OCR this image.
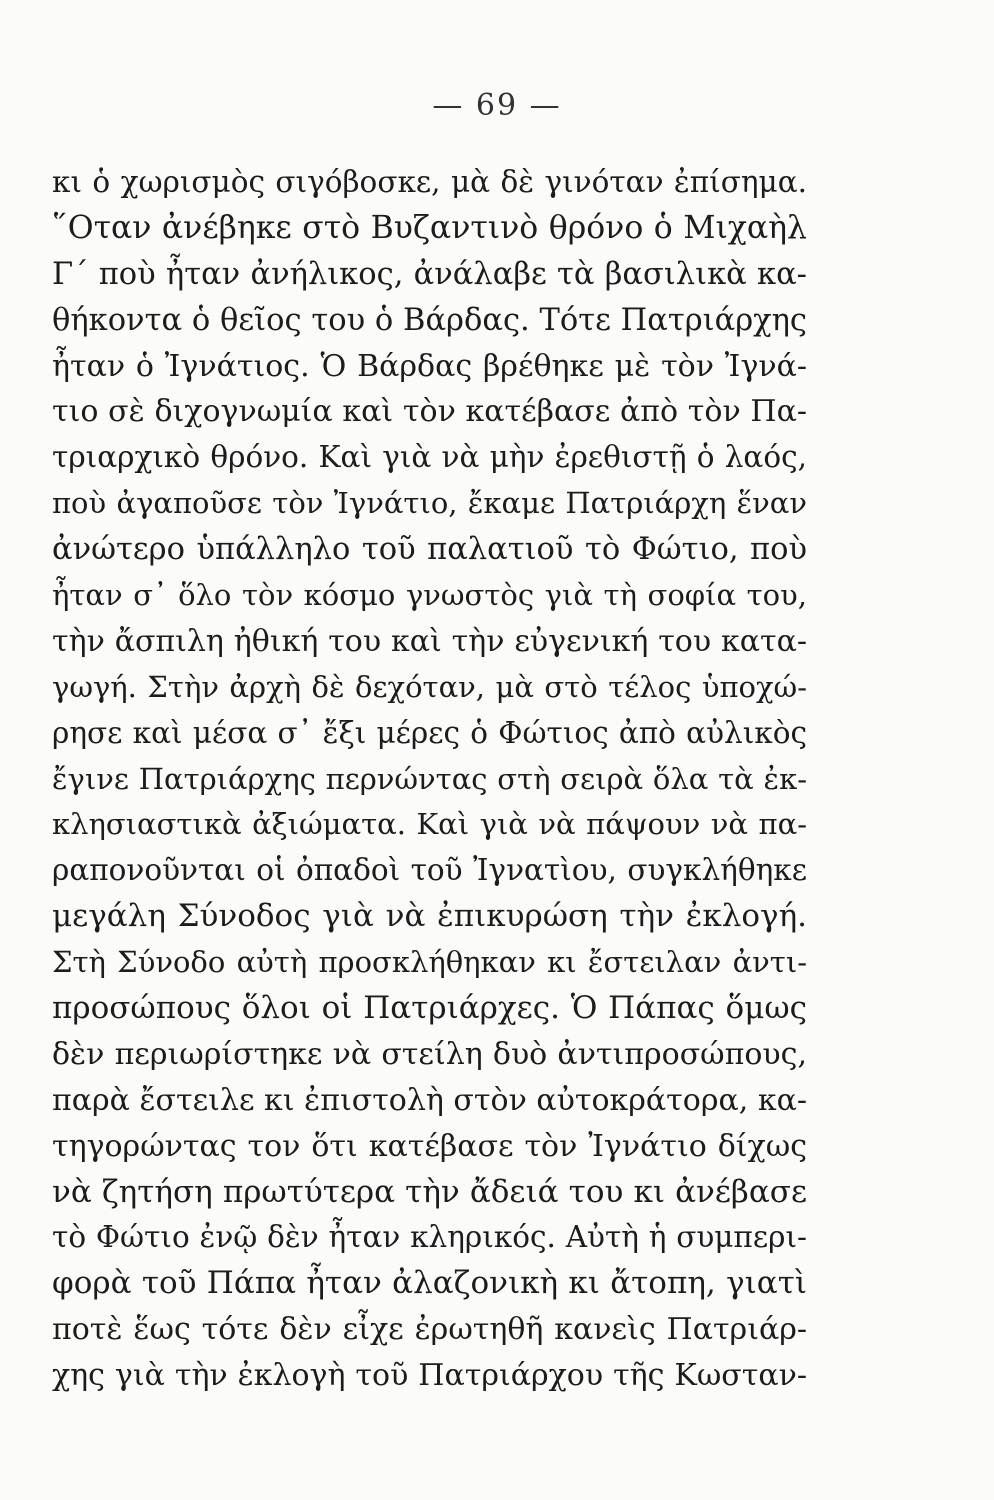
— 69 —
κι ὁ χωρισμὸς σιγόβοσκε, μὰ δὲ γινόταν ἐπίσημα.
῞Οταν ἀνέβηκε στὸ Βυζαντινὸ θρόνο ὁ Μιχαὴλ
Γ΄ ποὺ ἦταν ἀνήλικος, ἀνάλαβε τὰ βασιλικὰ κα-
θήκοντα ὁ θεῖος του ὁ Βάρδας. Τότε Πατριάρχης
ἦταν ὁ Ἰγνάτιος. Ὁ Βάρδας βρέθηκε μὲ τὸν Ἰγνά-
τιο σὲ διχογνωμία καὶ τὸν κατέβασε ἀπὸ τὸν Πα-
τριαρχικὸ θρόνο. Καὶ γιὰ νὰ μὴν ἐρεθιστῇ ὁ λαός,
ποὺ ἀγαποῦσε τὸν Ἰγνάτιο, ἔκαμε Πατριάρχη ἕναν
ἀνώτερο ὑπάλληλο τοῦ παλατιοῦ τὸ Φώτιο, ποὺ
ἦταν σ᾿ ὅλο τὸν κόσμο γνωστὸς γιὰ τὴ σοφία του,
τὴν ἄσπιλη ἠθική του καὶ τὴν εὐγενική του κατα-
γωγή. Στὴν ἀρχὴ δὲ δεχόταν, μὰ στὸ τέλος ὑποχώ-
ρησε καὶ μέσα σ᾿ ἔξι μέρες ὁ Φώτιος ἀπὸ αὐλικὸς
ἔγινε Πατριάρχης περνώντας στὴ σειρὰ ὅλα τὰ ἐκ-
κλησιαστικὰ ἀξιώματα. Καὶ γιὰ νὰ πάψουν νὰ πα-
ραπονοῦνται οἱ ὀπαδοὶ τοῦ Ἰγνατὶου, συγκλήθηκε
μεγάλη Σύνοδος γιὰ νὰ ἐπικυρώση τὴν ἐκλογή.
Στὴ Σύνοδο αὐτὴ προσκλήθηκαν κι ἔστειλαν ἀντι-
προσώπους ὅλοι οἱ Πατριάρχες. Ὁ Πάπας ὅμως
δὲν περιωρίστηκε νὰ στείλη δυὸ ἀντιπροσώπους,
παρὰ ἔστειλε κι ἐπιστολὴ στὸν αὐτοκράτορα, κα-
τηγορώντας τον ὅτι κατέβασε τὸν Ἰγνάτιο δίχως
νὰ ζητήση πρωτύτερα τὴν ἄδειά του κι ἀνέβασε
τὸ Φώτιο ἐνῷ δὲν ἦταν κληρικός. Αὐτὴ ἡ συμπερι-
φορὰ τοῦ Πάπα ἦταν ἀλαζονικὴ κι ἄτοπη, γιατὶ
ποτὲ ἕως τότε δὲν εἶχε ἐρωτηθῆ κανεὶς Πατριάρ-
χης γιὰ τὴν ἐκλογὴ τοῦ Πατριάρχου τῆς Κωσταν-
